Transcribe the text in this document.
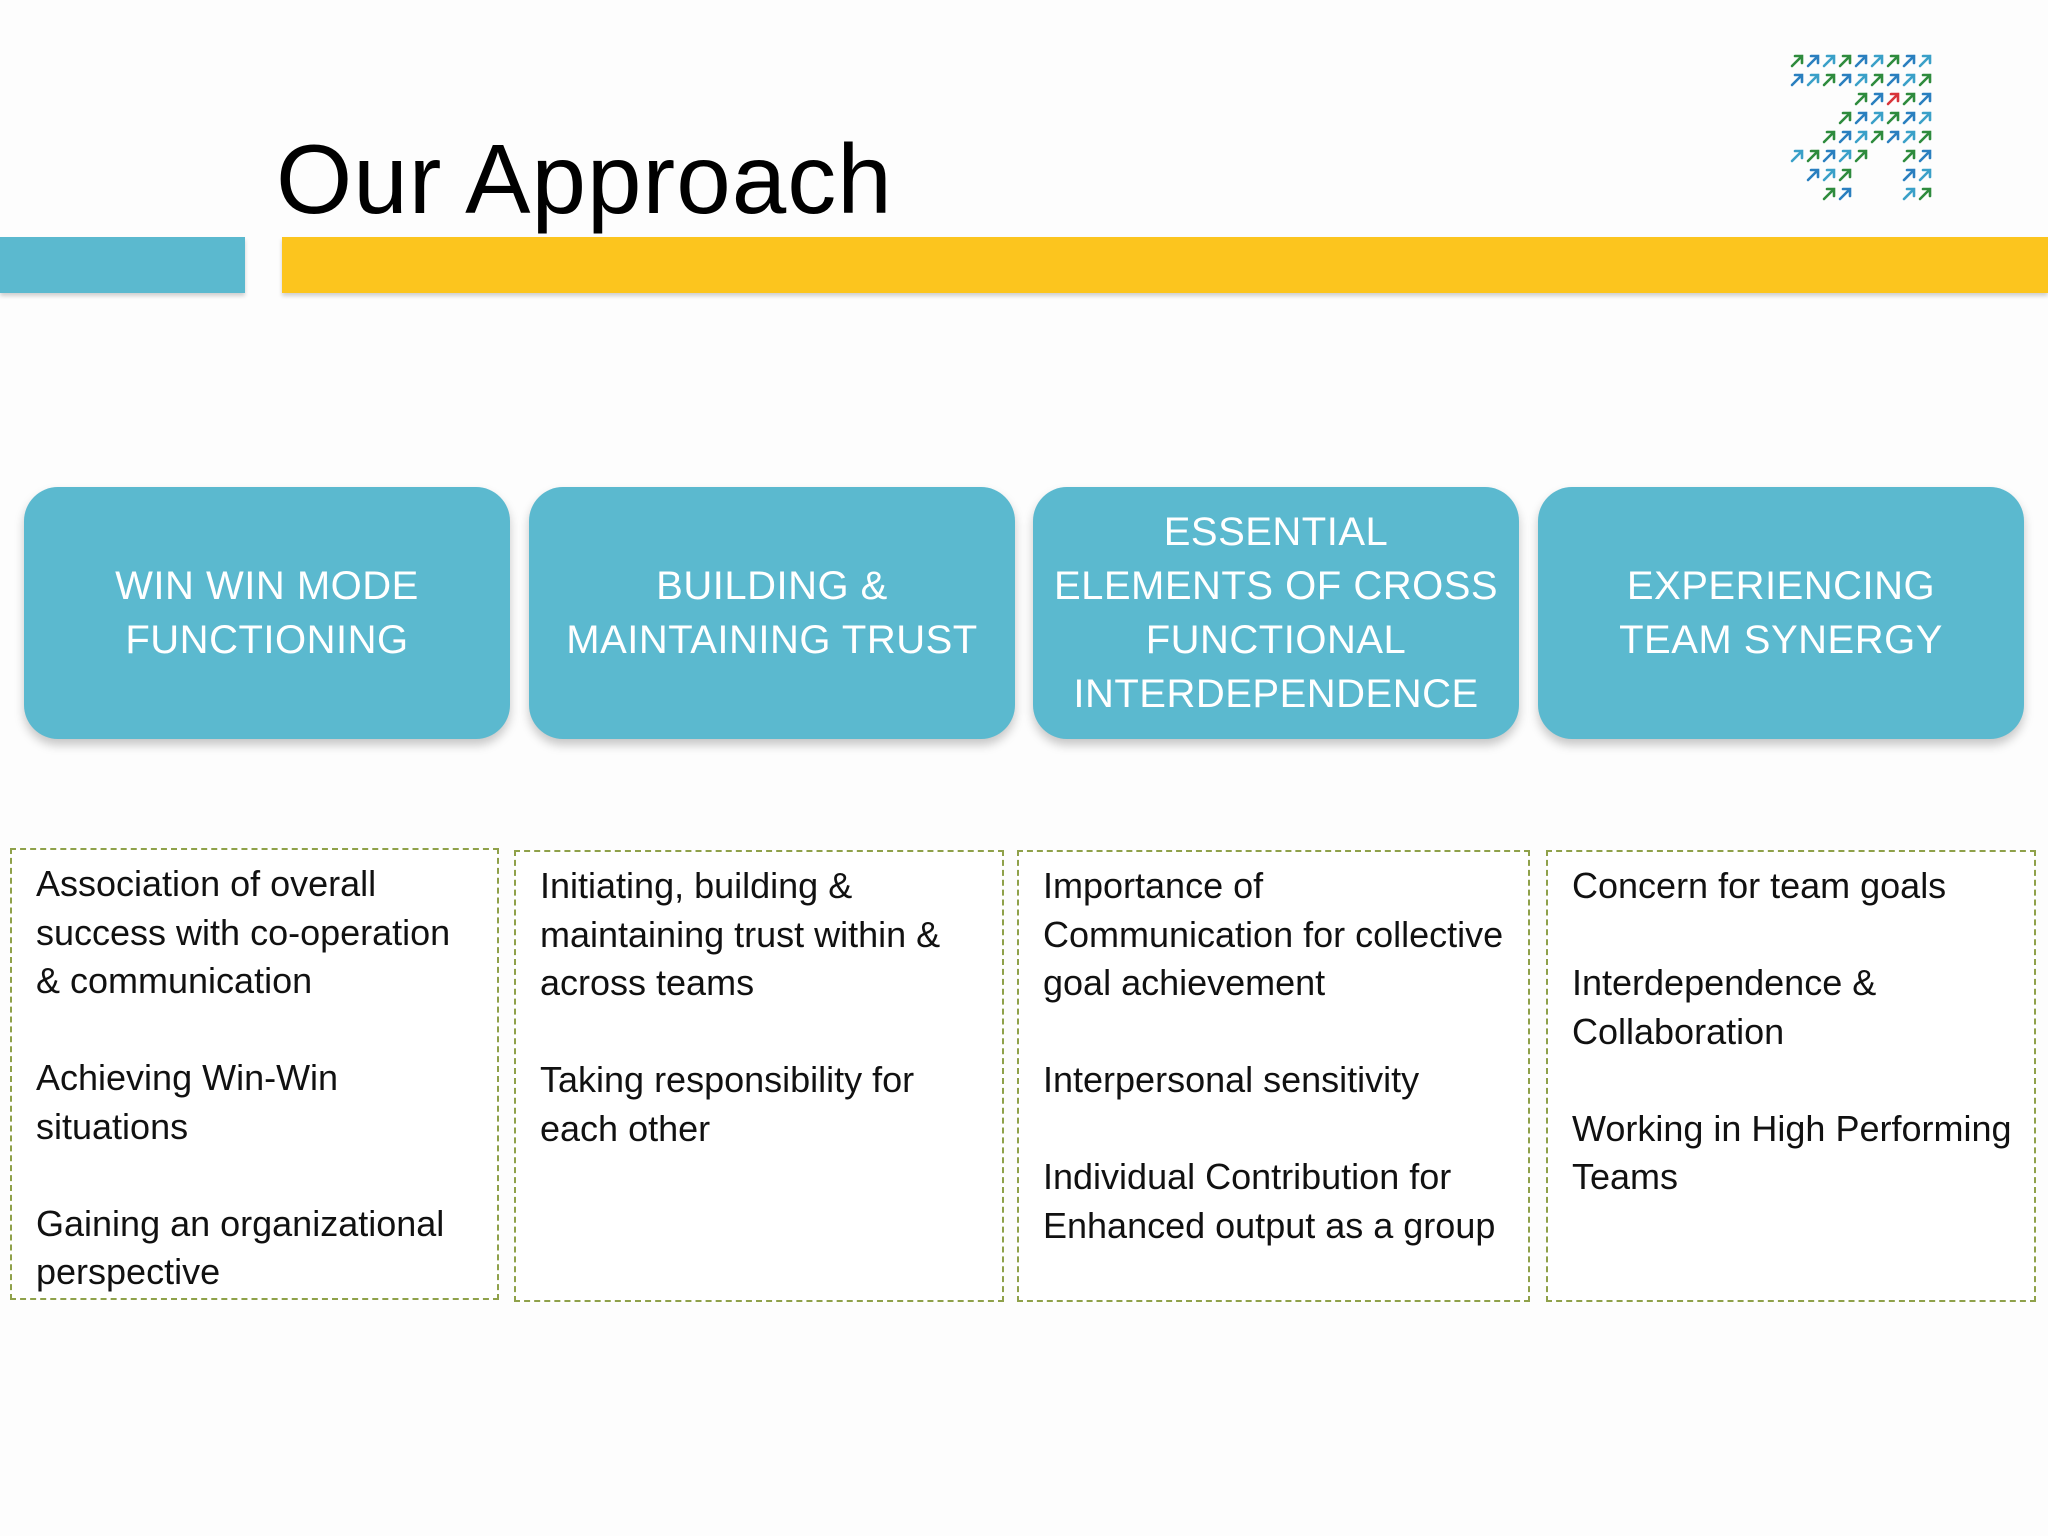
Our Approach
WIN WIN MODE FUNCTIONING
BUILDING & MAINTAINING TRUST
ESSENTIAL ELEMENTS OF CROSS FUNCTIONAL INTERDEPENDENCE
EXPERIENCING TEAM SYNERGY

Association of overall success with co-operation & communication

Achieving Win-Win situations

Gaining an organizational perspective

Initiating, building & maintaining trust within & across teams

Taking responsibility for each other

Importance of Communication for collective goal achievement

Interpersonal sensitivity

Individual Contribution for Enhanced output as a group

Concern for team goals

Interdependence & Collaboration

Working in High Performing Teams
